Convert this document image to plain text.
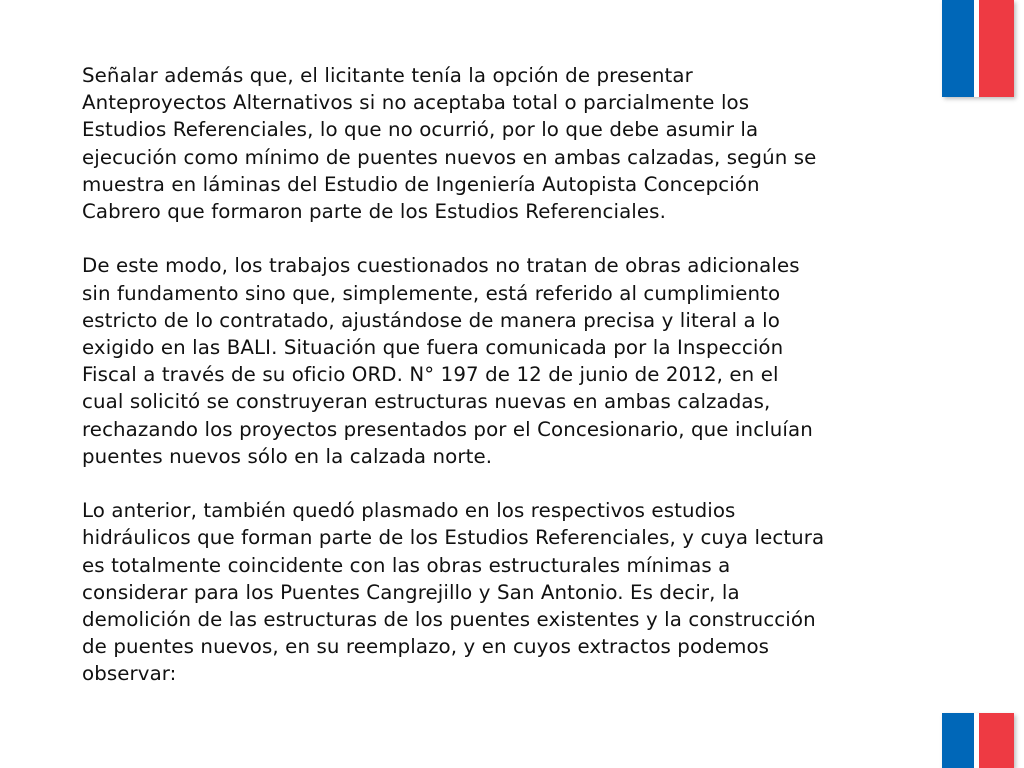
Señalar además que, el licitante tenía la opción de presentar
Anteproyectos Alternativos si no aceptaba total o parcialmente los
Estudios Referenciales, lo que no ocurrió, por lo que debe asumir la
ejecución como mínimo de puentes nuevos en ambas calzadas, según se
muestra en láminas del Estudio de Ingeniería Autopista Concepción
Cabrero que formaron parte de los Estudios Referenciales.

De este modo, los trabajos cuestionados no tratan de obras adicionales
sin fundamento sino que, simplemente, está referido al cumplimiento
estricto de lo contratado, ajustándose de manera precisa y literal a lo
exigido en las BALI. Situación que fuera comunicada por la Inspección
Fiscal a través de su oficio ORD. N° 197 de 12 de junio de 2012, en el
cual solicitó se construyeran estructuras nuevas en ambas calzadas,
rechazando los proyectos presentados por el Concesionario, que incluían
puentes nuevos sólo en la calzada norte.

Lo anterior, también quedó plasmado en los respectivos estudios
hidráulicos que forman parte de los Estudios Referenciales, y cuya lectura
es totalmente coincidente con las obras estructurales mínimas a
considerar para los Puentes Cangrejillo y San Antonio. Es decir, la
demolición de las estructuras de los puentes existentes y la construcción
de puentes nuevos, en su reemplazo, y en cuyos extractos podemos
observar:
